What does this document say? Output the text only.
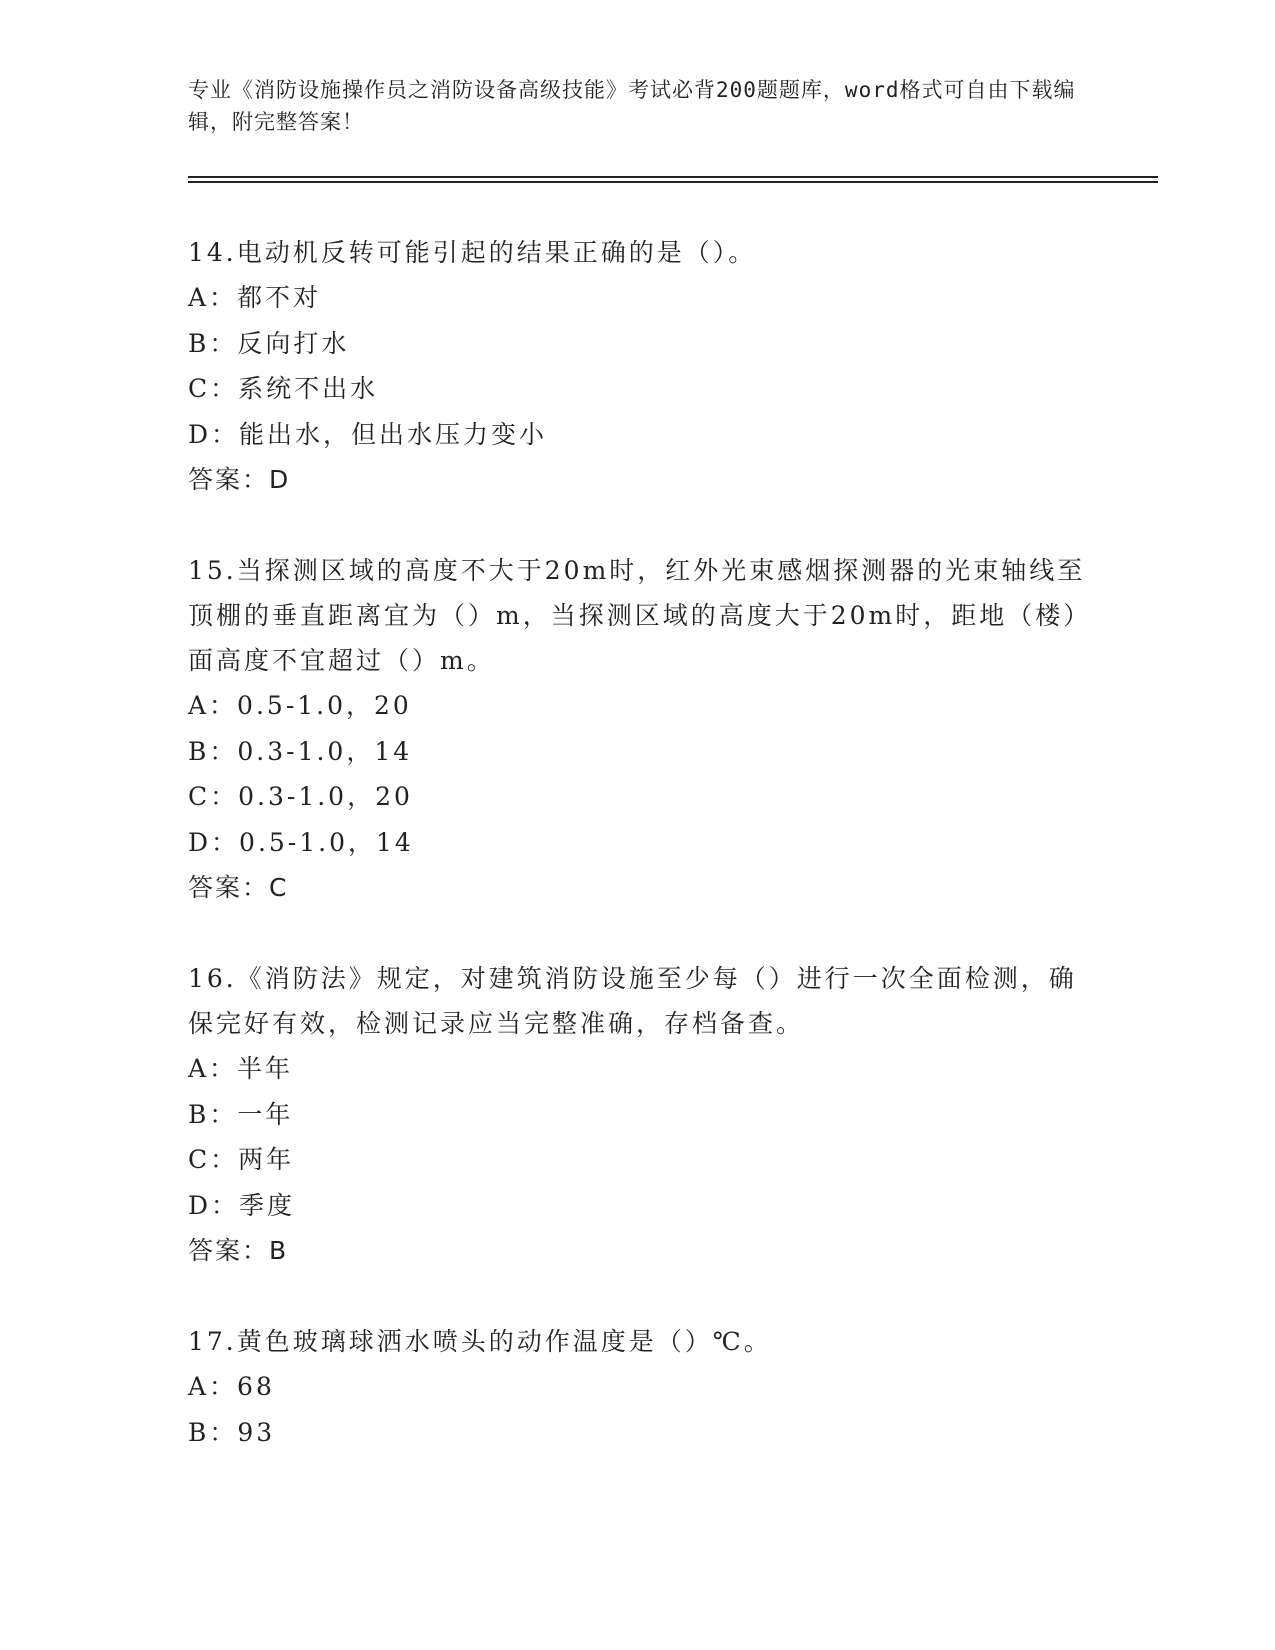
专业《消防设施操作员之消防设备高级技能》考试必背200题题库，word格式可自由下载编辑，附完整答案！
14.电动机反转可能引起的结果正确的是（）。
A：都不对
B：反向打水
C：系统不出水
D：能出水，但出水压力变小
答案：D
15.当探测区域的高度不大于20m时，红外光束感烟探测器的光束轴线至顶棚的垂直距离宜为（）m，当探测区域的高度大于20m时，距地（楼）面高度不宜超过（）m。
A：0.5-1.0，20
B：0.3-1.0，14
C：0.3-1.0，20
D：0.5-1.0，14
答案：C
16.《消防法》规定，对建筑消防设施至少每（）进行一次全面检测，确保完好有效，检测记录应当完整准确，存档备查。
A：半年
B：一年
C：两年
D：季度
答案：B
17.黄色玻璃球洒水喷头的动作温度是（）℃。
A：68
B：93
